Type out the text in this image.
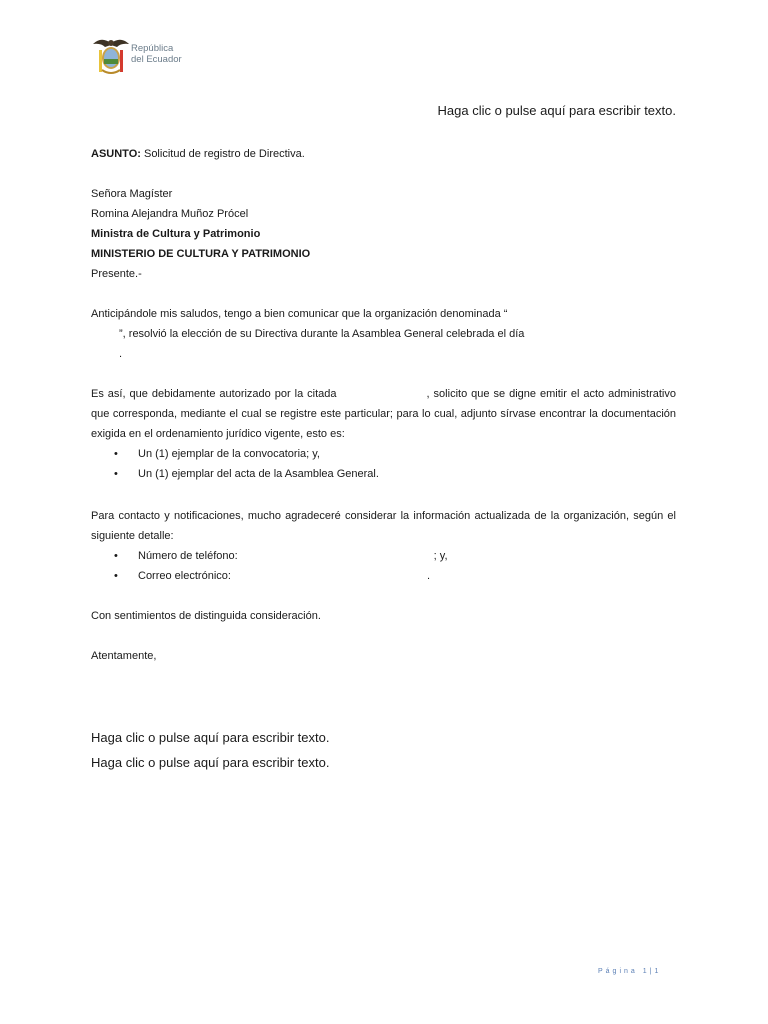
República
del Ecuador
Haga clic o pulse aquí para escribir texto.
ASUNTO: Solicitud de registro de Directiva.
Señora Magíster
Romina Alejandra Muñoz Prócel
Ministra de Cultura y Patrimonio
MINISTERIO DE CULTURA Y PATRIMONIO
Presente.-
Anticipándole mis saludos, tengo a bien comunicar que la organización denominada “
”, resolvió la elección de su Directiva durante la Asamblea General celebrada el día
.
Es así, que debidamente autorizado por la citada	, solicito que se digne emitir el acto administrativo que corresponda, mediante el cual se registre este particular; para lo cual, adjunto sírvase encontrar la documentación exigida en el ordenamiento jurídico vigente, esto es:
• Un (1) ejemplar de la convocatoria; y,
• Un (1) ejemplar del acta de la Asamblea General.
Para contacto y notificaciones, mucho agradeceré considerar la información actualizada de la organización, según el siguiente detalle:
• Número de teléfono:	; y,
• Correo electrónico:	.
Con sentimientos de distinguida consideración.
Atentamente,
Haga clic o pulse aquí para escribir texto.
Haga clic o pulse aquí para escribir texto.
Página 1|1
